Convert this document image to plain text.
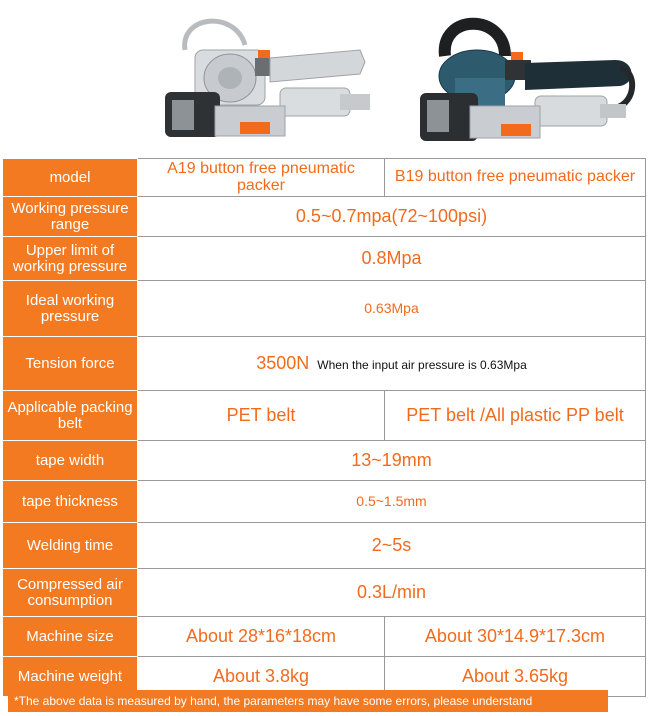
model	A19 button free pneumatic packer	B19 button free pneumatic packer
Working pressure range	0.5~0.7mpa(72~100psi)	
Upper limit of working pressure	0.8Mpa	
Ideal working pressure	0.63Mpa	
Tension force	3500N When the input air pressure is 0.63Mpa	
Applicable packing belt	PET belt	PET belt /All plastic PP belt
tape width	13~19mm	
tape thickness	0.5~1.5mm	
Welding time	2~5s	
Compressed air consumption	0.3L/min	
Machine size	About 28*16*18cm	About 30*14.9*17.3cm
Machine weight	About 3.8kg	About 3.65kg
*The above data is measured by hand, the parameters may have some errors, please understand
